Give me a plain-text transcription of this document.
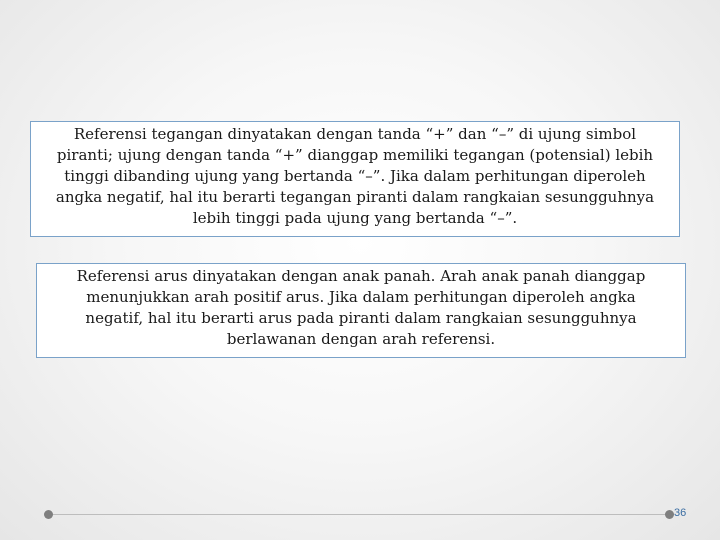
Referensi tegangan dinyatakan dengan tanda “+” dan “–” di ujung simbol
piranti; ujung dengan tanda “+” dianggap memiliki tegangan (potensial) lebih
tinggi dibanding ujung yang bertanda “–”. Jika dalam perhitungan diperoleh
angka negatif, hal itu berarti tegangan piranti dalam rangkaian sesungguhnya
lebih tinggi pada ujung yang bertanda “–”.
Referensi arus dinyatakan dengan anak panah. Arah anak panah dianggap
menunjukkan arah positif arus. Jika dalam perhitungan diperoleh angka
negatif, hal itu berarti arus pada piranti dalam rangkaian sesungguhnya
berlawanan dengan arah referensi.
36
